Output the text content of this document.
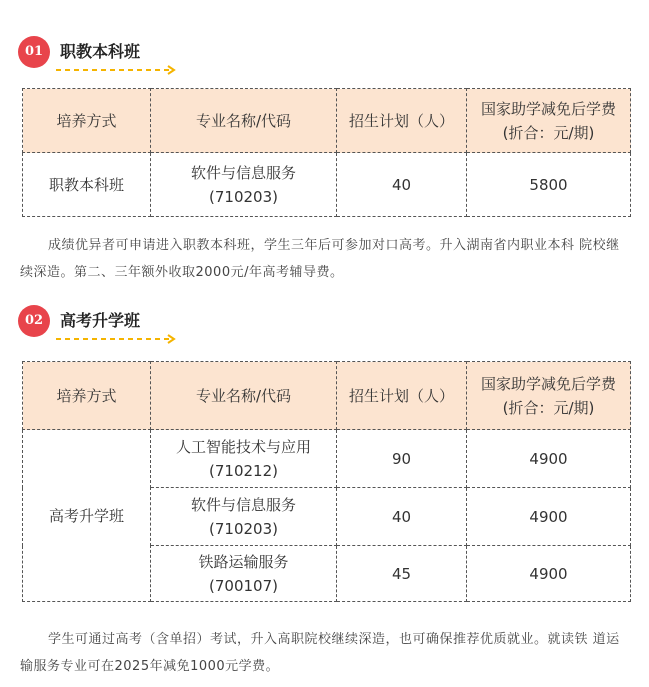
01	职教本科班
培养方式	专业名称/代码	招生计划（人）	国家助学减免后学费
(折合：元/期)

职教本科班	软件与信息服务
(710203)	40	5800

成绩优异者可申请进入职教本科班，学生三年后可参加对口高考。升入湖南省内职业本科 院校继续深造。第二、三年额外收取2000元/年高考辅导费。

02	高考升学班
培养方式	专业名称/代码	招生计划（人）	国家助学减免后学费
(折合：元/期)

高考升学班	人工智能技术与应用
(710212)	90	4900

	软件与信息服务
(710203)	40	4900

	铁路运输服务
(700107)	45	4900

学生可通过高考（含单招）考试，升入高职院校继续深造，也可确保推荐优质就业。就读铁 道运输服务专业可在2025年减免1000元学费。
